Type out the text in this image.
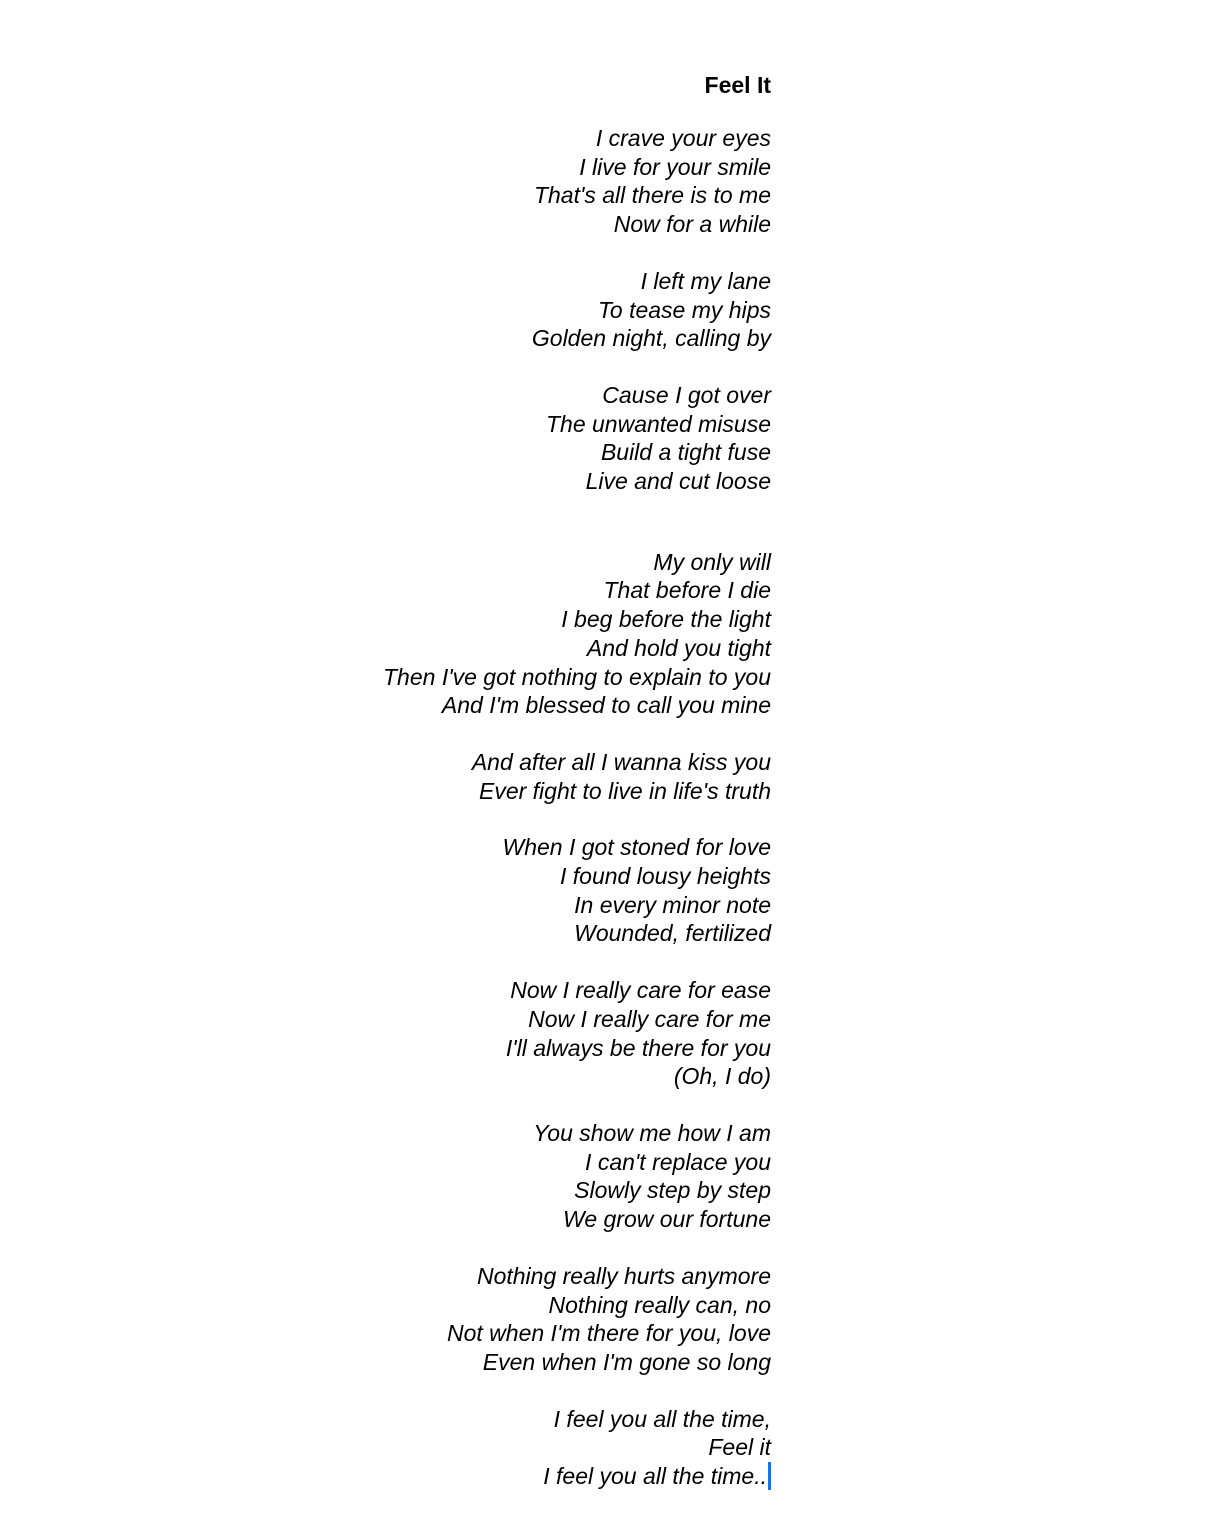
Feel It
I crave your eyes
I live for your smile
That's all there is to me
Now for a while
I left my lane
To tease my hips
Golden night, calling by
Cause I got over
The unwanted misuse
Build a tight fuse
Live and cut loose
My only will
That before I die
I beg before the light
And hold you tight
Then I've got nothing to explain to you
And I'm blessed to call you mine
And after all I wanna kiss you
Ever fight to live in life's truth
When I got stoned for love
I found lousy heights
In every minor note
Wounded, fertilized
Now I really care for ease
Now I really care for me
I'll always be there for you
(Oh, I do)
You show me how I am
I can't replace you
Slowly step by step
We grow our fortune
Nothing really hurts anymore
Nothing really can, no
Not when I'm there for you, love
Even when I'm gone so long
I feel you all the time,
Feel it
I feel you all the time..
